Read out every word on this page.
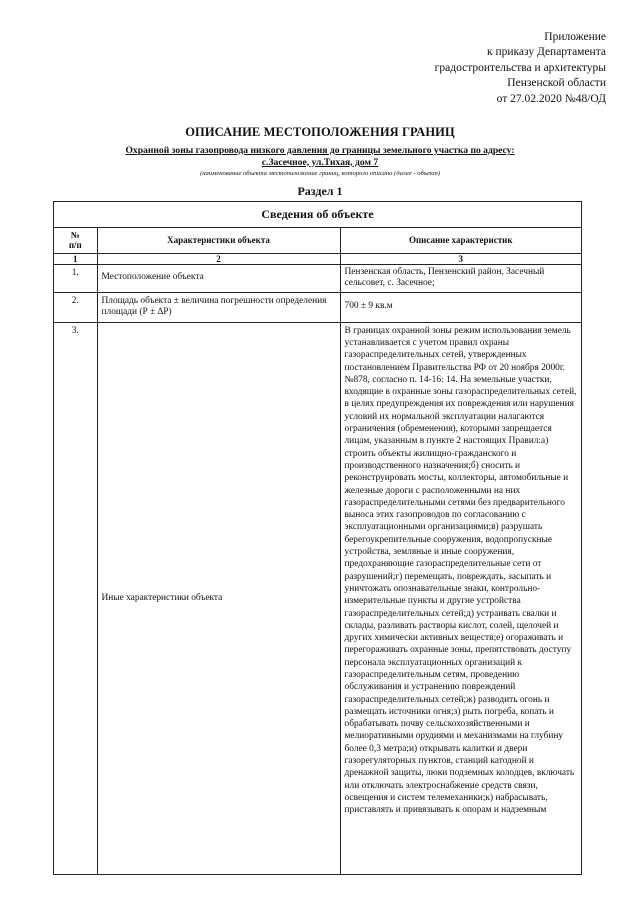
Приложение
к приказу Департамента
градостроительства и архитектуры
Пензенской области
от 27.02.2020 №48/ОД
ОПИСАНИЕ МЕСТОПОЛОЖЕНИЯ ГРАНИЦ
Охранной зоны газопровода низкого давления до границы земельного участка по адресу:
с.Засечное, ул.Тихая, дом 7
(наименование объекта местоположение границ, которого описано (далее - объект)
Раздел 1
Сведения об объекте
№
п/п	Характеристики объекта	Описание характеристик
1	2	3
1.	Местоположение объекта	Пензенская область, Пензенский район, Засечный сельсовет, с. Засечное;
2.	Площадь объекта ± величина погрешности определения площади (Р ± ∆Р)	700 ± 9 кв.м
3.	Иные характеристики объекта	В границах охранной зоны режим использования земель устанавливается с учетом правил охраны газораспределительных сетей, утвержденных постановлением Правительства РФ от 20 ноября 2000г. №878, согласно п. 14-16: 14. На земельные участки, входящие в охранные зоны газораспределительных сетей, в целях предупреждения их повреждения или нарушения условий их нормальной эксплуатации налагаются ограничения (обременения), которыми запрещается лицам, указанным в пункте 2 настоящих Правил:а) строить объекты жилищно-гражданского и производственного назначения;б) сносить и реконструировать мосты, коллекторы, автомобильные и железные дороги с расположенными на них газораспределительными сетями без предварительного выноса этих газопроводов по согласованию с эксплуатационными организациями;в) разрушать берегоукрепительные сооружения, водопропускные устройства, земляные и иные сооружения, предохраняющие газораспределительные сети от разрушений;г) перемещать, повреждать, засыпать и уничтожать опознавательные знаки, контрольно-измерительные пункты и другие устройства газораспределительных сетей;д) устраивать свалки и склады, разливать растворы кислот, солей, щелочей и других химически активных веществ;е) огораживать и перегораживать охранные зоны, препятствовать доступу персонала эксплуатационных организаций к газораспределительным сетям, проведению обслуживания и устранению повреждений газораспределительных сетей;ж) разводить огонь и размещать источники огня;з) рыть погреба, копать и обрабатывать почву сельскохозяйственными и мелиоративными орудиями и механизмами на глубину более 0,3 метра;и) открывать калитки и двери газорегуляторных пунктов, станций катодной и дренажной защиты, люки подземных колодцев, включать или отключать электроснабжение средств связи, освещения и систем телемеханики;к) набрасывать, приставлять и привязывать к опорам и надземным
